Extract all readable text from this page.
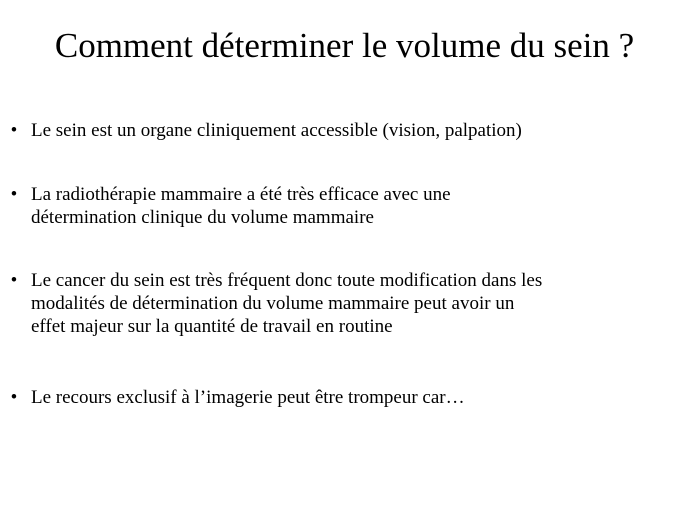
Comment déterminer le volume du sein ?
• Le sein est un organe cliniquement accessible (vision, palpation)
• La radiothérapie mammaire a été très efficace avec une
détermination clinique du volume mammaire
• Le cancer du sein est très fréquent donc toute modification dans les
modalités de détermination du volume mammaire peut avoir un
effet majeur sur la quantité de travail en routine
• Le recours exclusif à l’imagerie peut être trompeur car…
